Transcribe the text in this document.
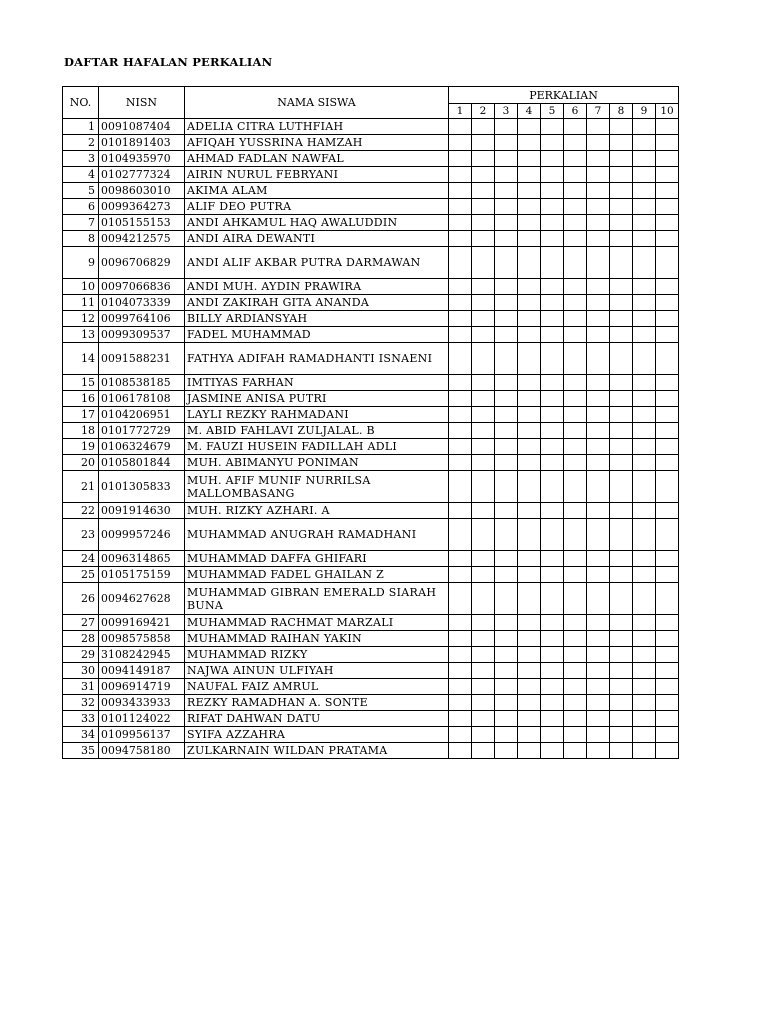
DAFTAR HAFALAN PERKALIAN
NO.	NISN	NAMA SISWA	PERKALIAN									
			1	2	3	4	5	6	7	8	9	10
1	0091087404	ADELIA CITRA LUTHFIAH										
2	0101891403	AFIQAH YUSSRINA HAMZAH										
3	0104935970	AHMAD FADLAN NAWFAL										
4	0102777324	AIRIN NURUL FEBRYANI										
5	0098603010	AKIMA ALAM										
6	0099364273	ALIF DEO PUTRA										
7	0105155153	ANDI AHKAMUL HAQ AWALUDDIN										
8	0094212575	ANDI AIRA DEWANTI										
9	0096706829	ANDI ALIF AKBAR PUTRA DARMAWAN										
10	0097066836	ANDI MUH. AYDIN PRAWIRA										
11	0104073339	ANDI ZAKIRAH GITA ANANDA										
12	0099764106	BILLY ARDIANSYAH										
13	0099309537	FADEL MUHAMMAD										
14	0091588231	FATHYA ADIFAH RAMADHANTI ISNAENI										
15	0108538185	IMTIYAS FARHAN										
16	0106178108	JASMINE ANISA PUTRI										
17	0104206951	LAYLI REZKY RAHMADANI										
18	0101772729	M. ABID FAHLAVI ZULJALAL. B										
19	0106324679	M. FAUZI HUSEIN FADILLAH ADLI										
20	0105801844	MUH. ABIMANYU PONIMAN										
21	0101305833	MUH. AFIF MUNIF NURRILSA MALLOMBASANG										
22	0091914630	MUH. RIZKY AZHARI. A										
23	0099957246	MUHAMMAD ANUGRAH RAMADHANI										
24	0096314865	MUHAMMAD DAFFA GHIFARI										
25	0105175159	MUHAMMAD FADEL GHAILAN Z										
26	0094627628	MUHAMMAD GIBRAN EMERALD SIARAH BUNA										
27	0099169421	MUHAMMAD RACHMAT MARZALI										
28	0098575858	MUHAMMAD RAIHAN YAKIN										
29	3108242945	MUHAMMAD RIZKY										
30	0094149187	NAJWA AINUN ULFIYAH										
31	0096914719	NAUFAL FAIZ AMRUL										
32	0093433933	REZKY RAMADHAN A. SONTE										
33	0101124022	RIFAT DAHWAN DATU										
34	0109956137	SYIFA AZZAHRA										
35	0094758180	ZULKARNAIN WILDAN PRATAMA										
